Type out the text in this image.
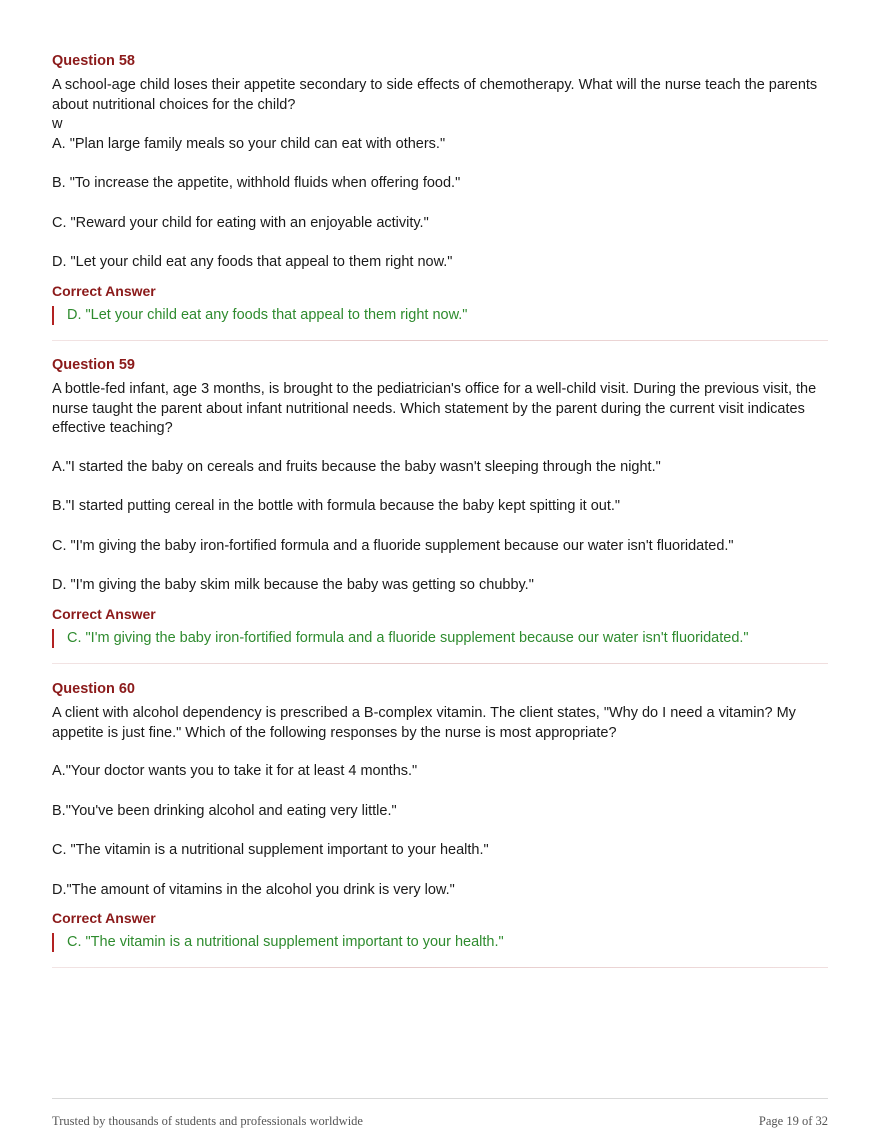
Question 58
A school-age child loses their appetite secondary to side effects of chemotherapy. What will the nurse teach the parents about nutritional choices for the child?
w
A. "Plan large family meals so your child can eat with others."
B. "To increase the appetite, withhold fluids when offering food."
C. "Reward your child for eating with an enjoyable activity."
D. "Let your child eat any foods that appeal to them right now."
Correct Answer
D. "Let your child eat any foods that appeal to them right now."
Question 59
A bottle-fed infant, age 3 months, is brought to the pediatrician's office for a well-child visit. During the previous visit, the nurse taught the parent about infant nutritional needs. Which statement by the parent during the current visit indicates effective teaching?
A."I started the baby on cereals and fruits because the baby wasn't sleeping through the night."
B."I started putting cereal in the bottle with formula because the baby kept spitting it out."
C. "I'm giving the baby iron-fortified formula and a fluoride supplement because our water isn't fluoridated."
D. "I'm giving the baby skim milk because the baby was getting so chubby."
Correct Answer
C. "I'm giving the baby iron-fortified formula and a fluoride supplement because our water isn't fluoridated."
Question 60
A client with alcohol dependency is prescribed a B-complex vitamin. The client states, "Why do I need a vitamin? My appetite is just fine." Which of the following responses by the nurse is most appropriate?
A."Your doctor wants you to take it for at least 4 months."
B."You've been drinking alcohol and eating very little."
C. "The vitamin is a nutritional supplement important to your health."
D."The amount of vitamins in the alcohol you drink is very low."
Correct Answer
C. "The vitamin is a nutritional supplement important to your health."
Trusted by thousands of students and professionals worldwide	Page 19 of 32
